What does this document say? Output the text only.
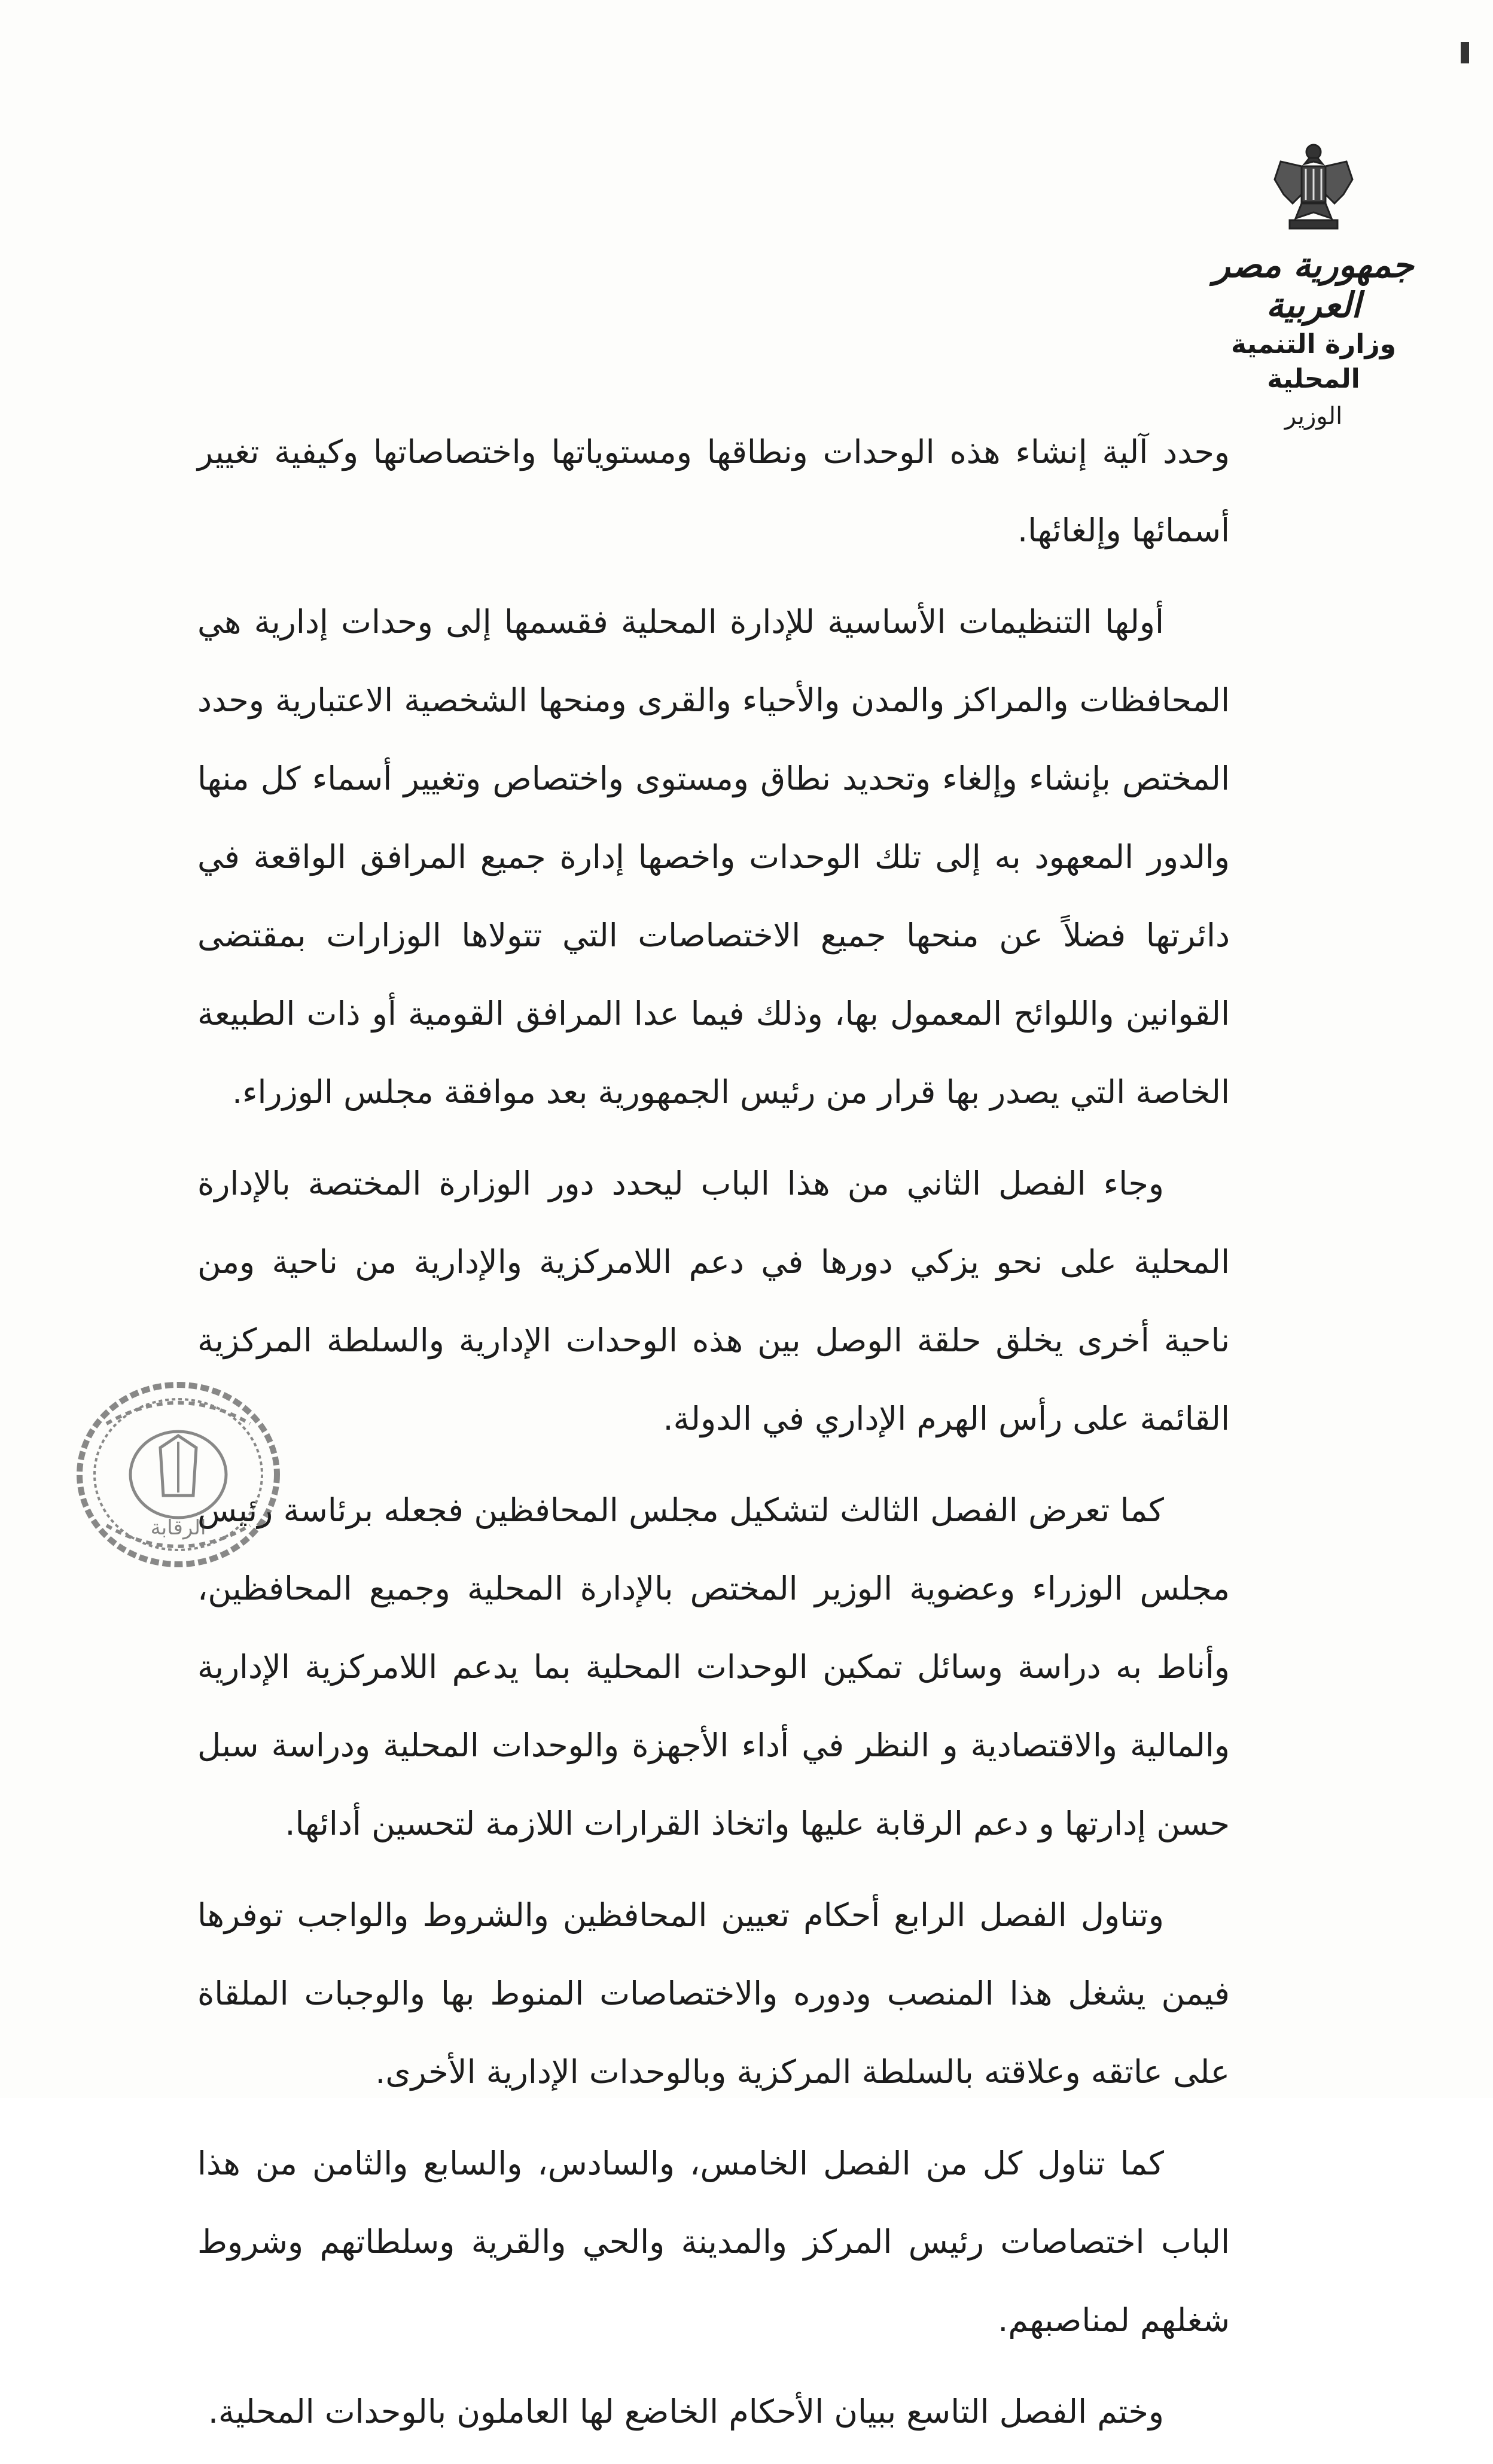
جمهورية مصر العربية

وزارة التنمية المحلية

الوزير

وحدد آلية إنشاء هذه الوحدات ونطاقها ومستوياتها واختصاصاتها وكيفية تغيير أسمائها وإلغائها.

أولها التنظيمات الأساسية للإدارة المحلية فقسمها إلى وحدات إدارية هي المحافظات والمراكز والمدن والأحياء والقرى ومنحها الشخصية الاعتبارية وحدد المختص بإنشاء وإلغاء وتحديد نطاق ومستوى واختصاص وتغيير أسماء كل منها والدور المعهود به إلى تلك الوحدات واخصها إدارة جميع المرافق الواقعة في دائرتها فضلاً عن منحها جميع الاختصاصات التي تتولاها الوزارات بمقتضى القوانين واللوائح المعمول بها، وذلك فيما عدا المرافق القومية أو ذات الطبيعة الخاصة التي يصدر بها قرار من رئيس الجمهورية بعد موافقة مجلس الوزراء.

وجاء الفصل الثاني من هذا الباب ليحدد دور الوزارة المختصة بالإدارة المحلية على نحو يزكي دورها في دعم اللامركزية والإدارية من ناحية ومن ناحية أخرى يخلق حلقة الوصل بين هذه الوحدات الإدارية والسلطة المركزية القائمة على رأس الهرم الإداري في الدولة.

كما تعرض الفصل الثالث لتشكيل مجلس المحافظين فجعله برئاسة رئيس مجلس الوزراء وعضوية الوزير المختص بالإدارة المحلية وجميع المحافظين، وأناط به دراسة وسائل تمكين الوحدات المحلية بما يدعم اللامركزية الإدارية والمالية والاقتصادية و النظر في أداء الأجهزة والوحدات المحلية ودراسة سبل حسن إدارتها و دعم الرقابة عليها واتخاذ القرارات اللازمة لتحسين أدائها.

وتناول الفصل الرابع أحكام تعيين المحافظين والشروط والواجب توفرها فيمن يشغل هذا المنصب ودوره والاختصاصات المنوط بها والوجبات الملقاة على عاتقه وعلاقته بالسلطة المركزية وبالوحدات الإدارية الأخرى.

كما تناول كل من الفصل الخامس، والسادس، والسابع والثامن من هذا الباب اختصاصات رئيس المركز والمدينة والحي والقرية وسلطاتهم وشروط شغلهم لمناصبهم.

وختم الفصل التاسع ببيان الأحكام الخاضع لها العاملون بالوحدات المحلية.

الرقابة
